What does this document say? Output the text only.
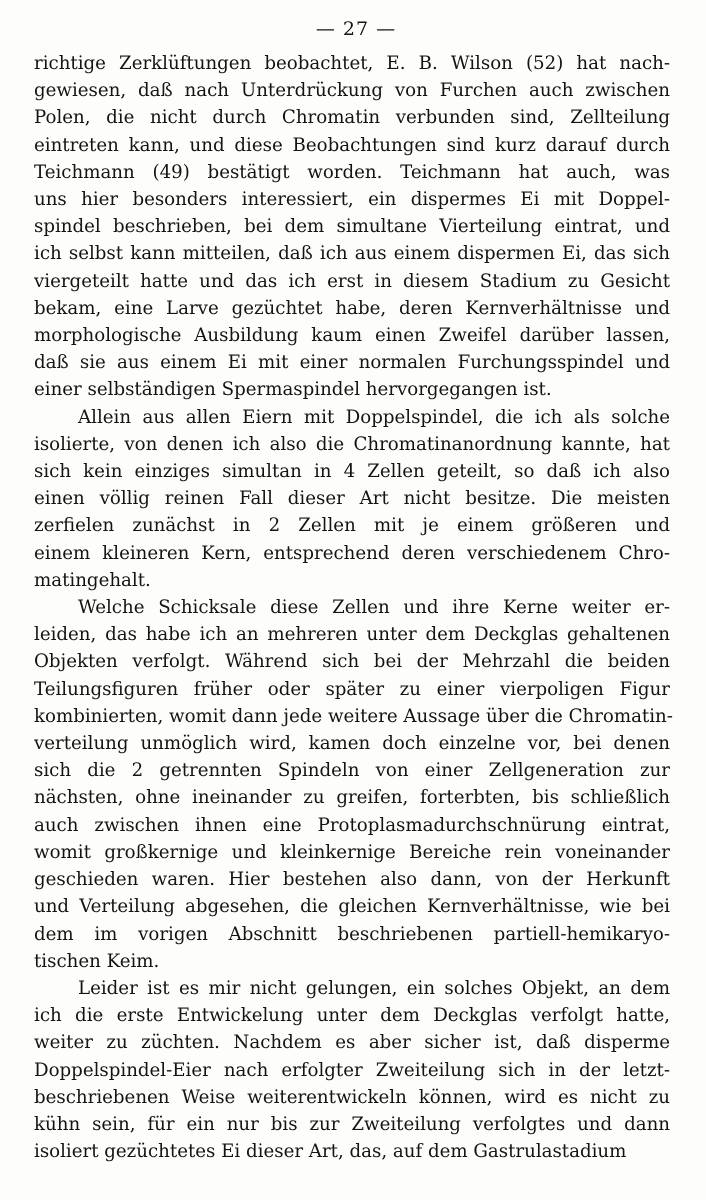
— 27 —

richtige Zerklüftungen beobachtet, E. B. Wilson (52) hat nach-
gewiesen, daß nach Unterdrückung von Furchen auch zwischen
Polen, die nicht durch Chromatin verbunden sind, Zellteilung
eintreten kann, und diese Beobachtungen sind kurz darauf durch
Teichmann (49) bestätigt worden. Teichmann hat auch, was
uns hier besonders interessiert, ein dispermes Ei mit Doppel-
spindel beschrieben, bei dem simultane Vierteilung eintrat, und
ich selbst kann mitteilen, daß ich aus einem dispermen Ei, das sich
viergeteilt hatte und das ich erst in diesem Stadium zu Gesicht
bekam, eine Larve gezüchtet habe, deren Kernverhältnisse und
morphologische Ausbildung kaum einen Zweifel darüber lassen,
daß sie aus einem Ei mit einer normalen Furchungsspindel und
einer selbständigen Spermaspindel hervorgegangen ist.

Allein aus allen Eiern mit Doppelspindel, die ich als solche
isolierte, von denen ich also die Chromatinanordnung kannte, hat
sich kein einziges simultan in 4 Zellen geteilt, so daß ich also
einen völlig reinen Fall dieser Art nicht besitze. Die meisten
zerfielen zunächst in 2 Zellen mit je einem größeren und
einem kleineren Kern, entsprechend deren verschiedenem Chro-
matingehalt.

Welche Schicksale diese Zellen und ihre Kerne weiter er-
leiden, das habe ich an mehreren unter dem Deckglas gehaltenen
Objekten verfolgt. Während sich bei der Mehrzahl die beiden
Teilungsfiguren früher oder später zu einer vierpoligen Figur
kombinierten, womit dann jede weitere Aussage über die Chromatin-
verteilung unmöglich wird, kamen doch einzelne vor, bei denen
sich die 2 getrennten Spindeln von einer Zellgeneration zur
nächsten, ohne ineinander zu greifen, forterbten, bis schließlich
auch zwischen ihnen eine Protoplasmadurchschnürung eintrat,
womit großkernige und kleinkernige Bereiche rein voneinander
geschieden waren. Hier bestehen also dann, von der Herkunft
und Verteilung abgesehen, die gleichen Kernverhältnisse, wie bei
dem im vorigen Abschnitt beschriebenen partiell-hemikaryo-
tischen Keim.

Leider ist es mir nicht gelungen, ein solches Objekt, an dem
ich die erste Entwickelung unter dem Deckglas verfolgt hatte,
weiter zu züchten. Nachdem es aber sicher ist, daß disperme
Doppelspindel-Eier nach erfolgter Zweiteilung sich in der letzt-
beschriebenen Weise weiterentwickeln können, wird es nicht zu
kühn sein, für ein nur bis zur Zweiteilung verfolgtes und dann
isoliert gezüchtetes Ei dieser Art, das, auf dem Gastrulastadium
